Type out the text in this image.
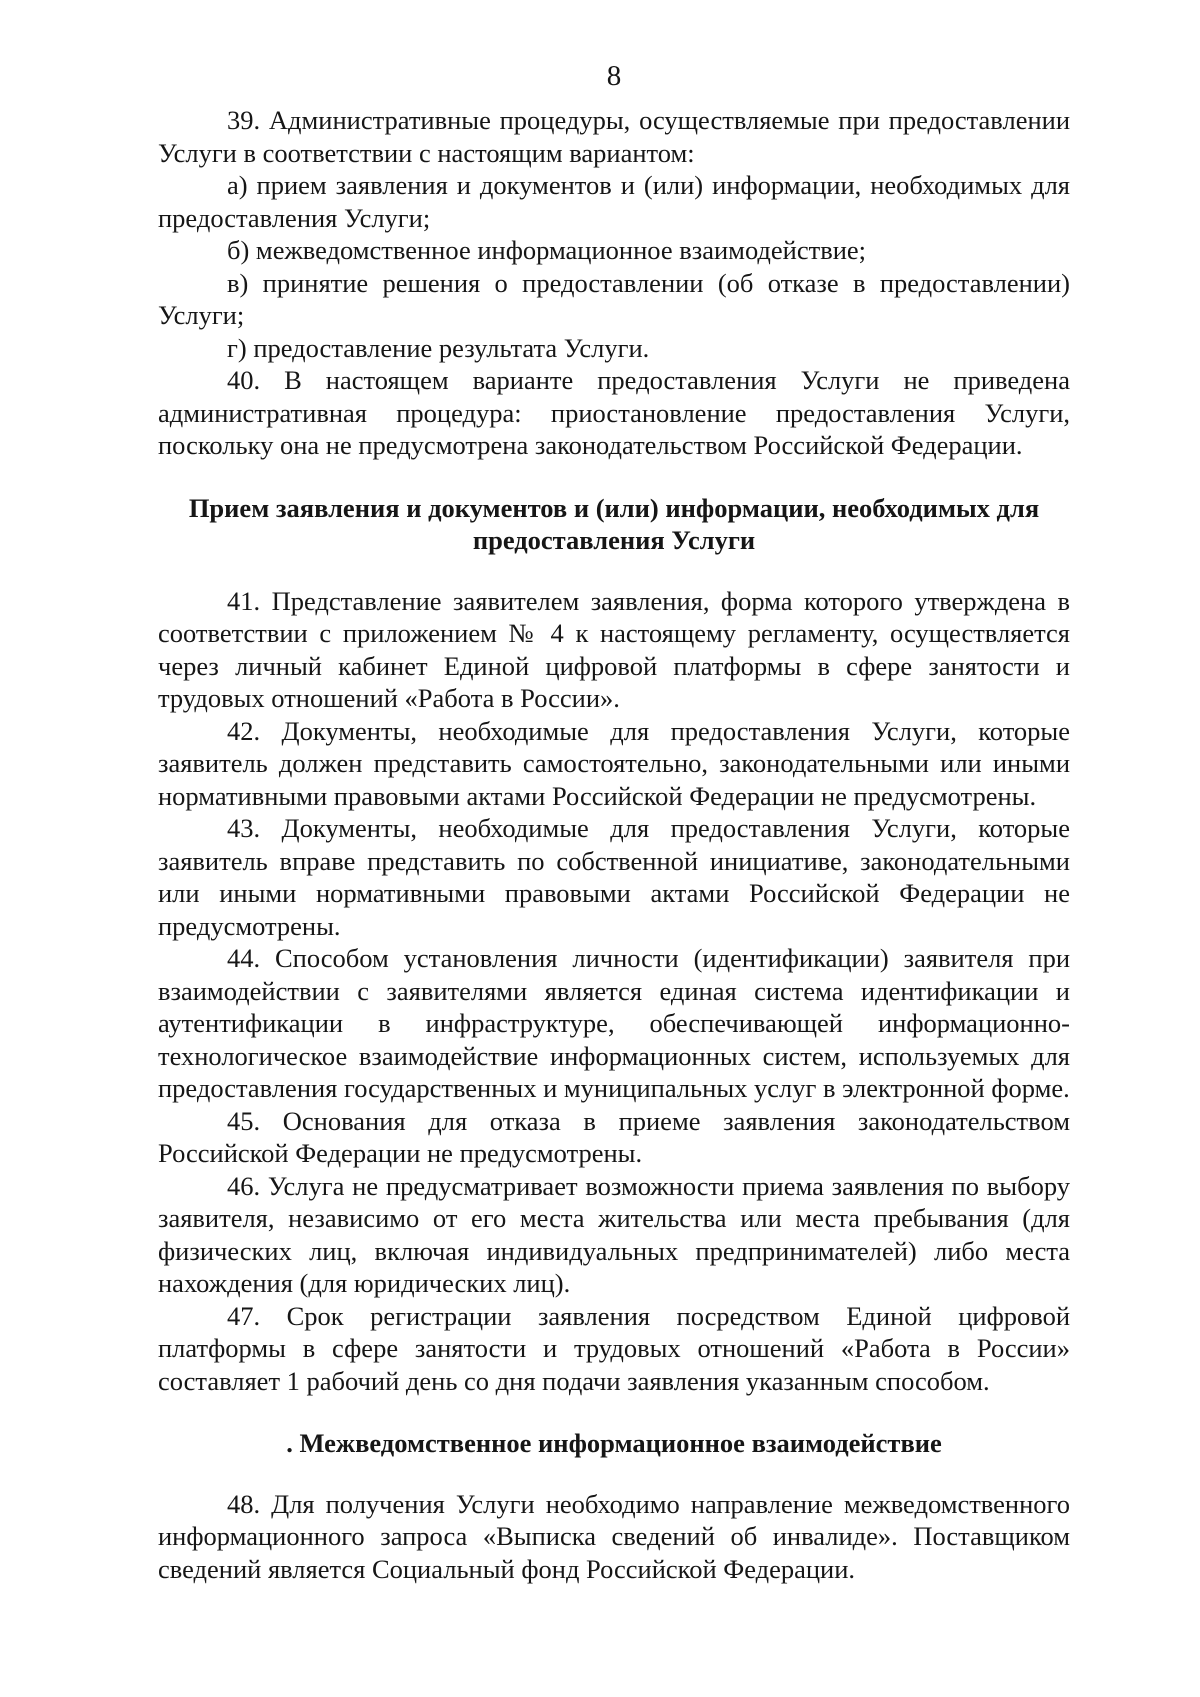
8

39. Административные процедуры, осуществляемые при предоставлении Услуги в соответствии с настоящим вариантом:

а) прием заявления и документов и (или) информации, необходимых для предоставления Услуги;

б) межведомственное информационное взаимодействие;

в) принятие решения о предоставлении (об отказе в предоставлении) Услуги;

г) предоставление результата Услуги.

40. В настоящем варианте предоставления Услуги не приведена административная процедура: приостановление предоставления Услуги, поскольку она не предусмотрена законодательством Российской Федерации.

Прием заявления и документов и (или) информации, необходимых для предоставления Услуги

41. Представление заявителем заявления, форма которого утверждена в соответствии с приложением № 4 к настоящему регламенту, осуществляется через личный кабинет Единой цифровой платформы в сфере занятости и трудовых отношений «Работа в России».

42. Документы, необходимые для предоставления Услуги, которые заявитель должен представить самостоятельно, законодательными или иными нормативными правовыми актами Российской Федерации не предусмотрены.

43. Документы, необходимые для предоставления Услуги, которые заявитель вправе представить по собственной инициативе, законодательными или иными нормативными правовыми актами Российской Федерации не предусмотрены.

44. Способом установления личности (идентификации) заявителя при взаимодействии с заявителями является единая система идентификации и аутентификации в инфраструктуре, обеспечивающей информационно-технологическое взаимодействие информационных систем, используемых для предоставления государственных и муниципальных услуг в электронной форме.

45. Основания для отказа в приеме заявления законодательством Российской Федерации не предусмотрены.

46. Услуга не предусматривает возможности приема заявления по выбору заявителя, независимо от его места жительства или места пребывания (для физических лиц, включая индивидуальных предпринимателей) либо места нахождения (для юридических лиц).

47. Срок регистрации заявления посредством Единой цифровой платформы в сфере занятости и трудовых отношений «Работа в России» составляет 1 рабочий день со дня подачи заявления указанным способом.

. Межведомственное информационное взаимодействие

48. Для получения Услуги необходимо направление межведомственного информационного запроса «Выписка сведений об инвалиде». Поставщиком сведений является Социальный фонд Российской Федерации.
